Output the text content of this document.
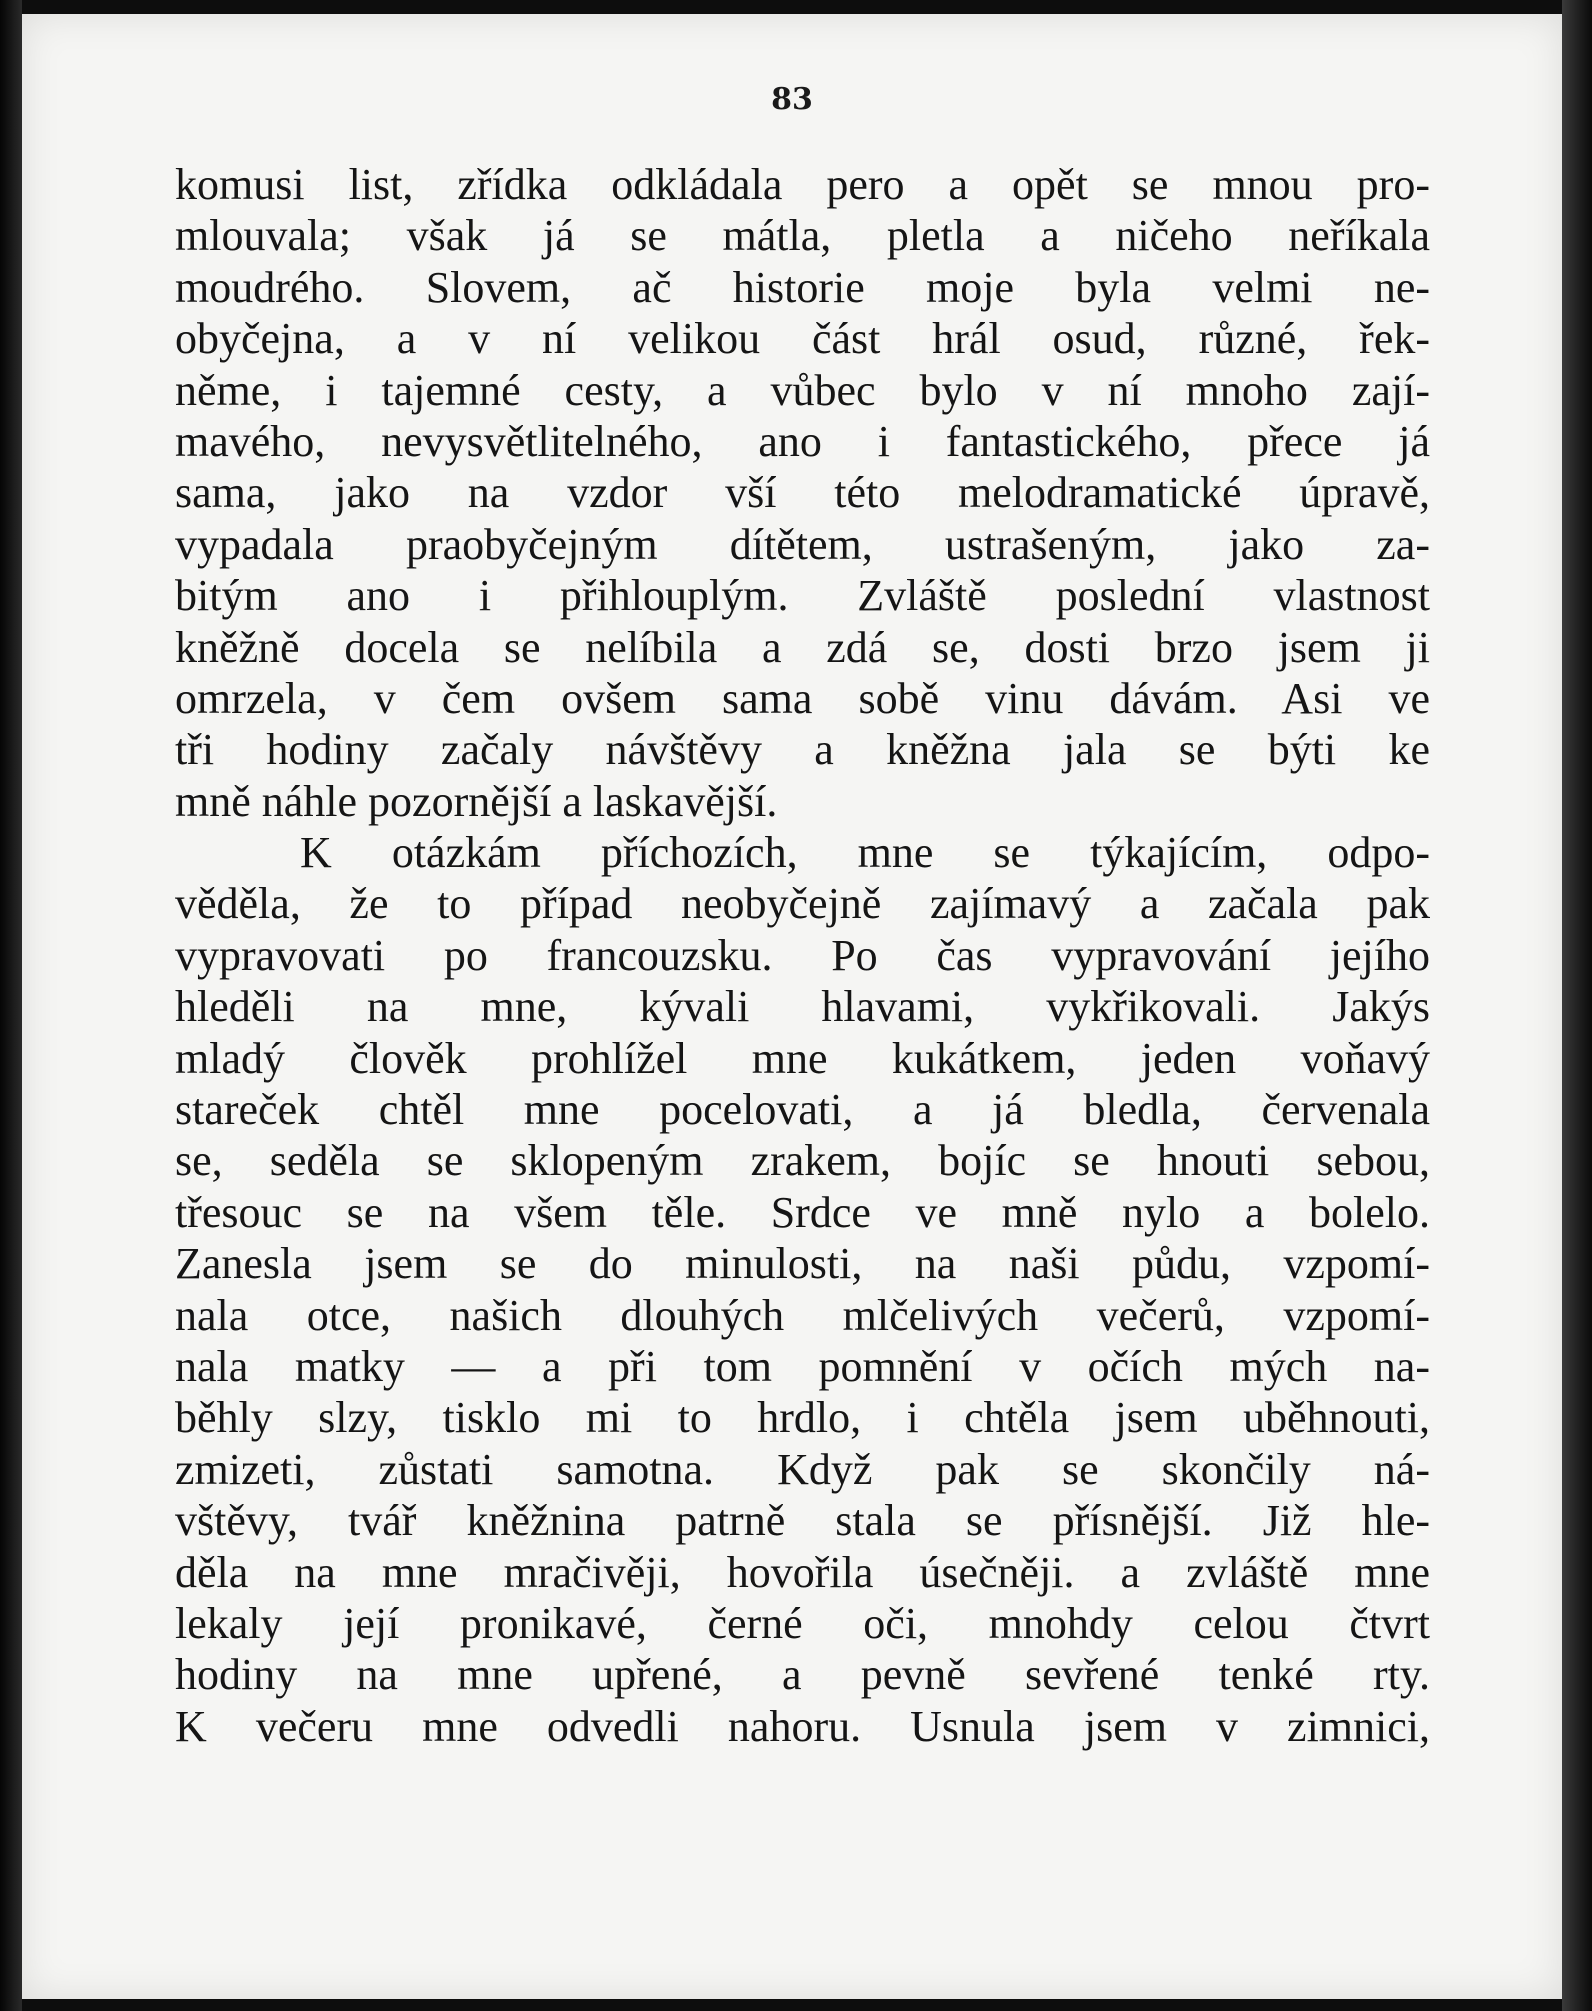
83
komusi list, zřídka odkládala pero a opět se mnou pro-
mlouvala; však já se mátla, pletla a ničeho neříkala
moudrého. Slovem, ač historie moje byla velmi ne-
obyčejna, a v ní velikou část hrál osud, různé, řek-
něme, i tajemné cesty, a vůbec bylo v ní mnoho zají-
mavého, nevysvětlitelného, ano i fantastického, přece já
sama, jako na vzdor vší této melodramatické úpravě,
vypadala praobyčejným dítětem, ustrašeným, jako za-
bitým ano i přihlouplým. Zvláště poslední vlastnost
kněžně docela se nelíbila a zdá se, dosti brzo jsem ji
omrzela, v čem ovšem sama sobě vinu dávám. Asi ve
tři hodiny začaly návštěvy a kněžna jala se býti ke
mně náhle pozornější a laskavější.
K otázkám příchozích, mne se týkajícím, odpo-
věděla, že to případ neobyčejně zajímavý a začala pak
vypravovati po francouzsku. Po čas vypravování jejího
hleděli na mne, kývali hlavami, vykřikovali. Jakýs
mladý člověk prohlížel mne kukátkem, jeden voňavý
stareček chtěl mne pocelovati, a já bledla, červenala
se, seděla se sklopeným zrakem, bojíc se hnouti sebou,
třesouc se na všem těle. Srdce ve mně nylo a bolelo.
Zanesla jsem se do minulosti, na naši půdu, vzpomí-
nala otce, našich dlouhých mlčelivých večerů, vzpomí-
nala matky — a při tom pomnění v očích mých na-
běhly slzy, tisklo mi to hrdlo, i chtěla jsem uběhnouti,
zmizeti, zůstati samotna. Když pak se skončily ná-
vštěvy, tvář kněžnina patrně stala se přísnější. Již hle-
děla na mne mračivěji, hovořila úsečněji. a zvláště mne
lekaly její pronikavé, černé oči, mnohdy celou čtvrt
hodiny na mne upřené, a pevně sevřené tenké rty.
K večeru mne odvedli nahoru. Usnula jsem v zimnici,
